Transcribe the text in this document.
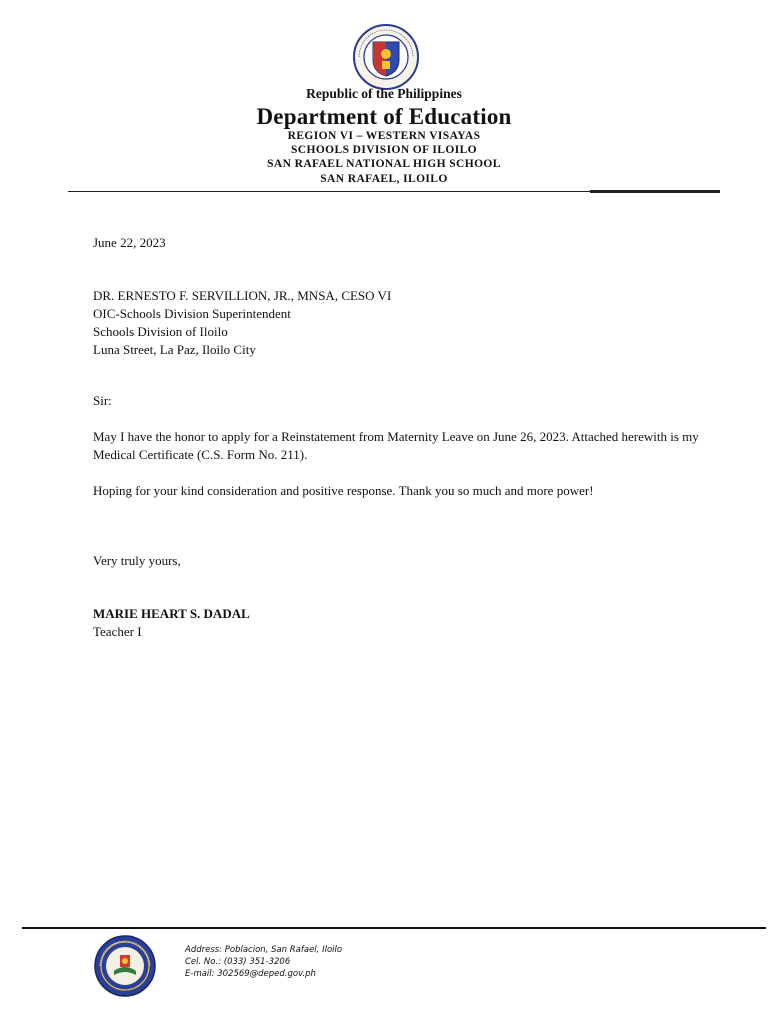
Republic of the Philippines
Department of Education
REGION VI – WESTERN VISAYAS
SCHOOLS DIVISION OF ILOILO
SAN RAFAEL NATIONAL HIGH SCHOOL
SAN RAFAEL, ILOILO
June 22, 2023
DR. ERNESTO F. SERVILLION, JR., MNSA, CESO VI
OIC-Schools Division Superintendent
Schools Division of Iloilo
Luna Street, La Paz, Iloilo City
Sir:
May I have the honor to apply for a Reinstatement from Maternity Leave on June 26, 2023. Attached herewith is my Medical Certificate (C.S. Form No. 211).
Hoping for your kind consideration and positive response. Thank you so much and more power!
Very truly yours,
MARIE HEART S. DADAL
Teacher I
Address: Poblacion, San Rafael, Iloilo
Cel. No.: (033) 351-3206
E-mail: 302569@deped.gov.ph
